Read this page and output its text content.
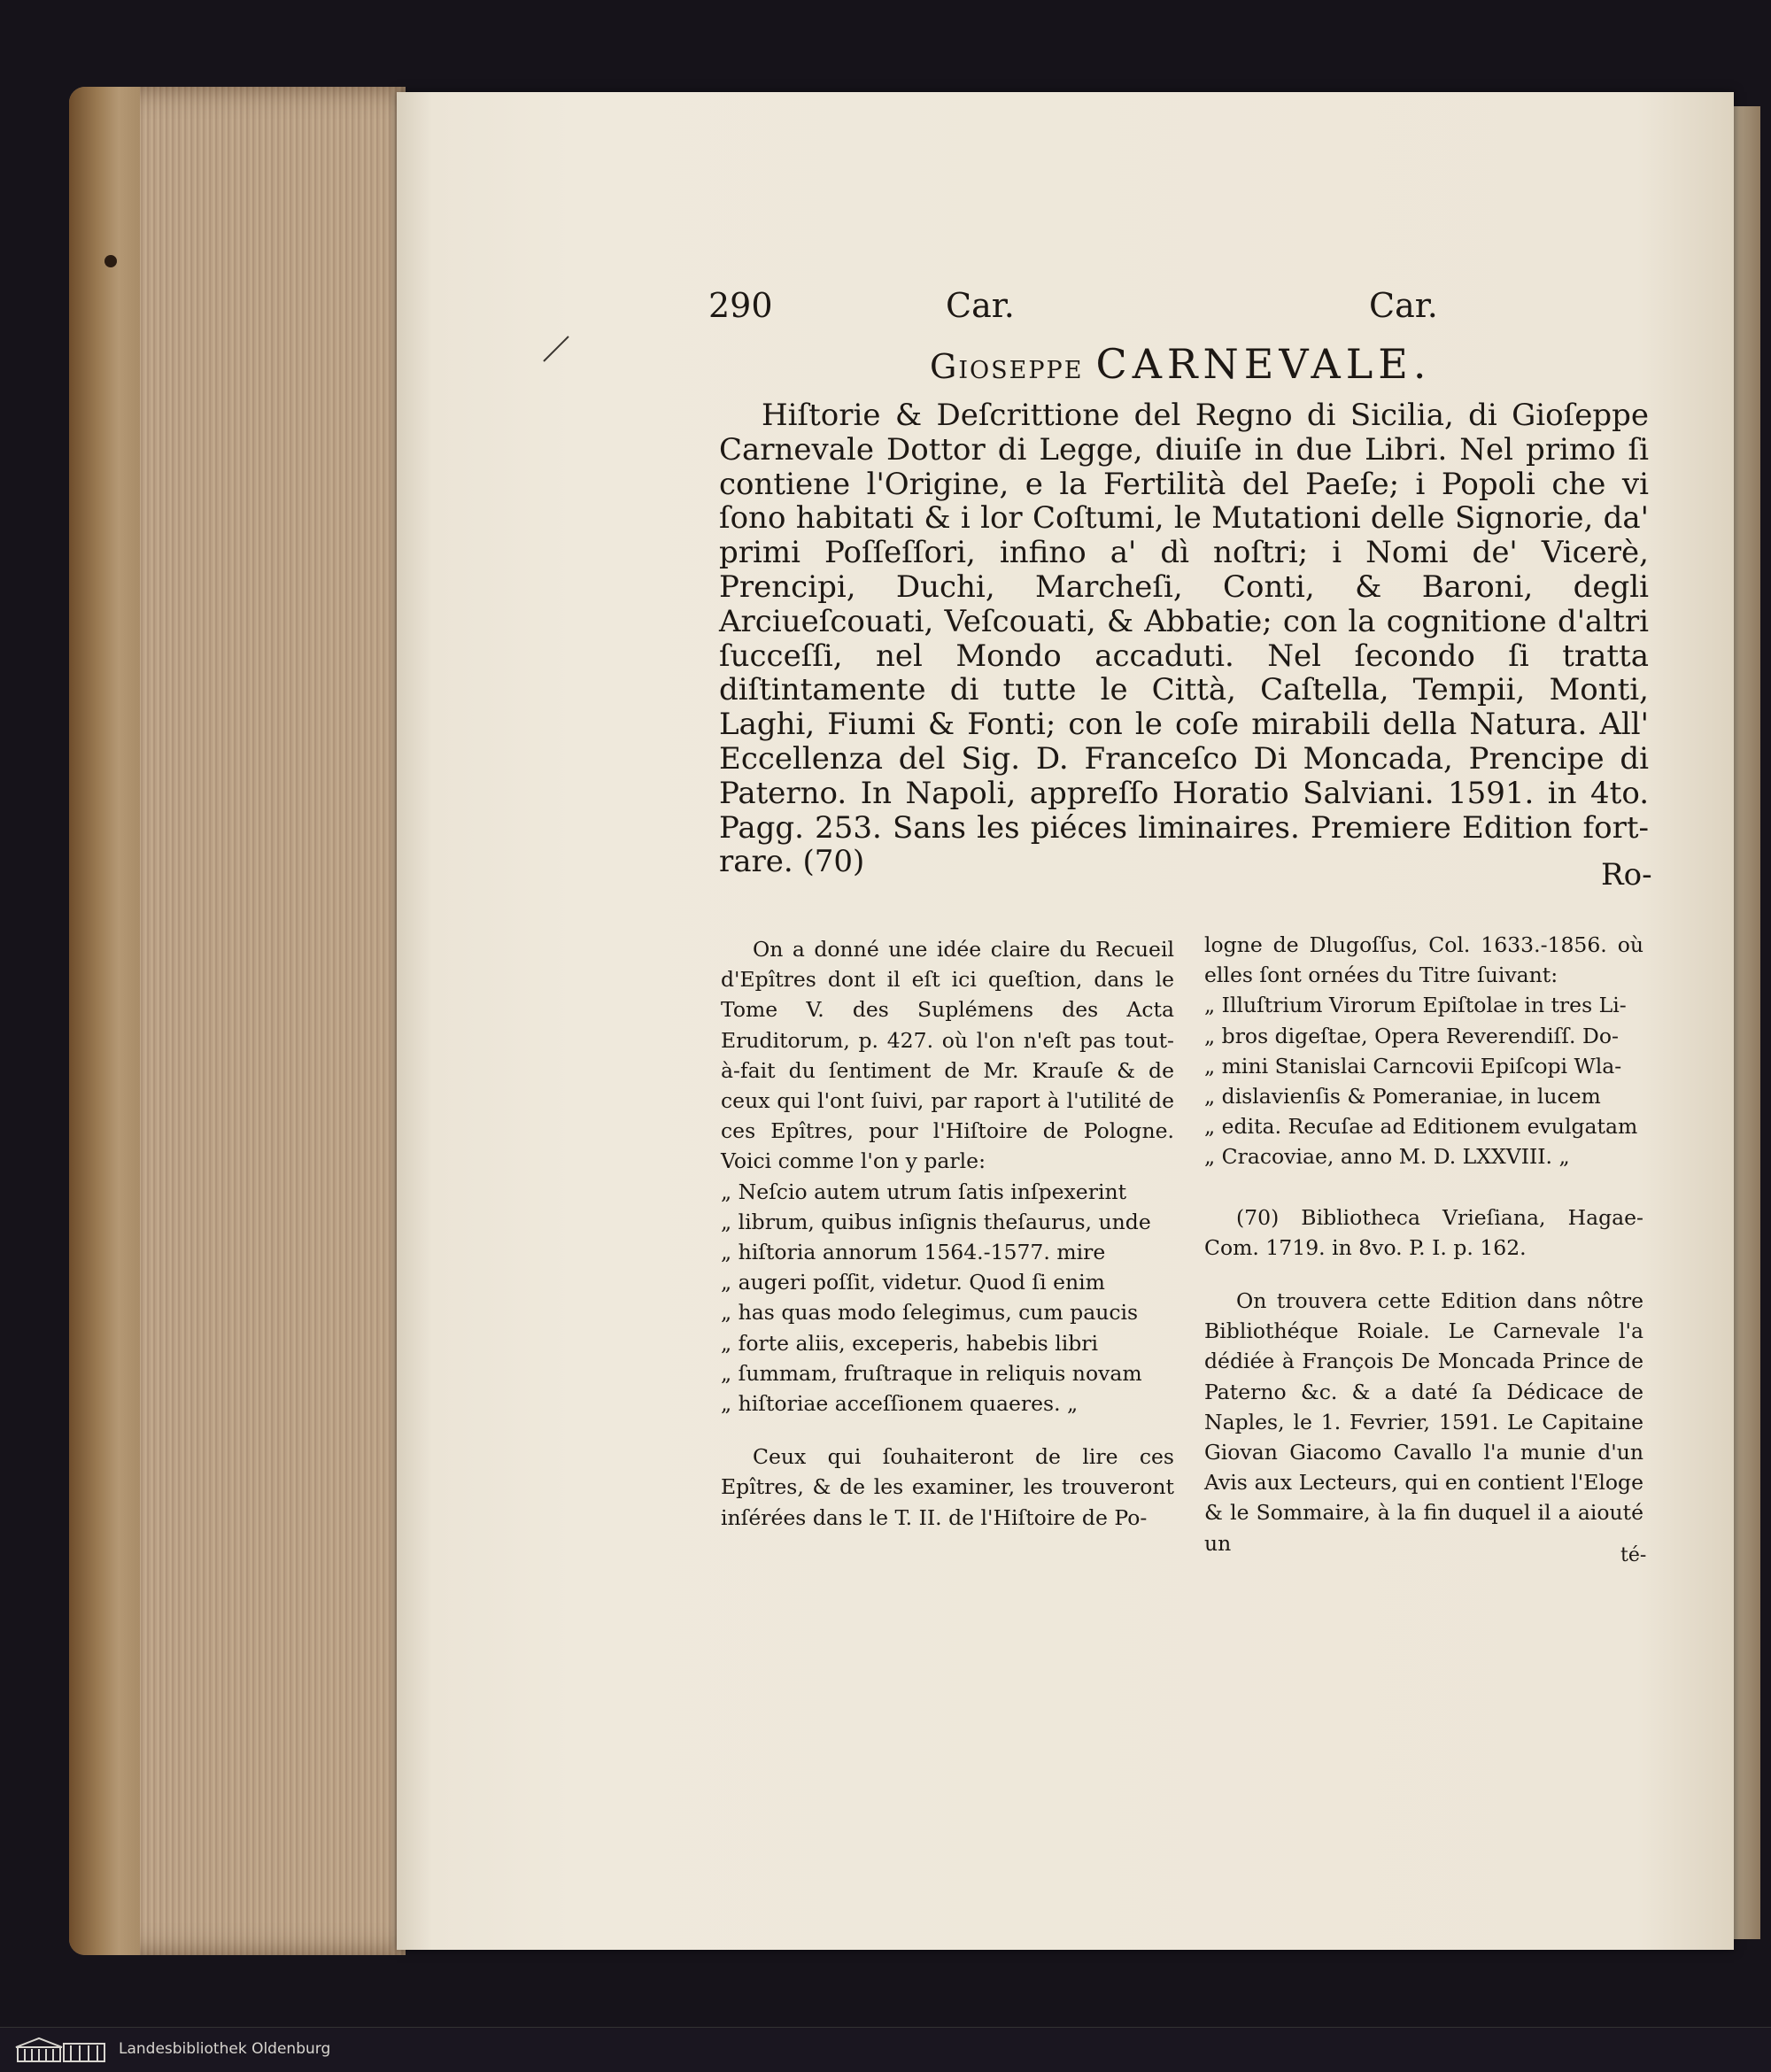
290	Car.	Car.
Gioseppe CARNEVALE.

Hiſtorie & Deſcrittione del Regno di Sicilia, di Gioſeppe Carnevale Dottor di Legge, diuiſe in due Libri. Nel primo ſi contiene l'Origine, e la Fertilità del Paeſe; i Popoli che vi ſono habitati & i lor Coſtumi, le Mutationi delle Signorie, da' primi Poſſeſſori, infino a' dì noſtri; i Nomi de' Vicerè, Prencipi, Duchi, Marcheſi, Conti, & Baroni, degli Arciueſcouati, Veſcouati, & Abbatie; con la cognitione d'altri ſucceſſi, nel Mondo accaduti. Nel ſecondo ſi tratta diſtintamente di tutte le Città, Caſtella, Tempii, Monti, Laghi, Fiumi & Fonti; con le coſe mirabili della Natura. All' Eccellenza del Sig. D. Franceſco Di Moncada, Prencipe di Paterno. In Napoli, appreſſo Horatio Salviani. 1591. in 4to. Pagg. 253. Sans les piéces liminaires. Premiere Edition fort-rare. (70)	Ro-

On a donné une idée claire du Recueil d'Epîtres dont il eſt ici queſtion, dans le Tome V. des Suplémens des Acta Eruditorum, p. 427. où l'on n'eſt pas tout-à-fait du ſentiment de Mr. Krauſe & de ceux qui l'ont ſuivi, par raport à l'utilité de ces Epîtres, pour l'Hiſtoire de Pologne. Voici comme l'on y parle:

„ Neſcio autem utrum ſatis inſpexerint

„ librum, quibus inſignis theſaurus, unde

„ hiſtoria annorum 1564.-1577. mire

„ augeri poſſit, videtur. Quod ſi enim

„ has quas modo ſelegimus, cum paucis

„ forte aliis, exceperis, habebis libri

„ ſummam, fruſtraque in reliquis novam

„ hiſtoriae acceſſionem quaeres. „

Ceux qui ſouhaiteront de lire ces Epîtres, & de les examiner, les trouveront inſérées dans le T. II. de l'Hiſtoire de Po-

logne de Dlugoſſus, Col. 1633.-1856. où elles ſont ornées du Titre ſuivant:

„ Illuſtrium Virorum Epiſtolae in tres Li-

„ bros digeſtae, Opera Reverendiſſ. Do-

„ mini Stanislai Carncovii Epiſcopi Wla-

„ dislavienſis & Pomeraniae, in lucem

„ edita. Recuſae ad Editionem evulgatam

„ Cracoviae, anno M. D. LXXVIII. „

(70) Bibliotheca Vrieſiana, Hagae-Com. 1719. in 8vo. P. I. p. 162.

On trouvera cette Edition dans nôtre Bibliothéque Roiale. Le Carnevale l'a dédiée à François De Moncada Prince de Paterno &c. & a daté ſa Dédicace de Naples, le 1. Fevrier, 1591. Le Capitaine Giovan Giacomo Cavallo l'a munie d'un Avis aux Lecteurs, qui en contient l'Eloge & le Sommaire, à la fin duquel il a aiouté un	té-
Landesbibliothek Oldenburg
